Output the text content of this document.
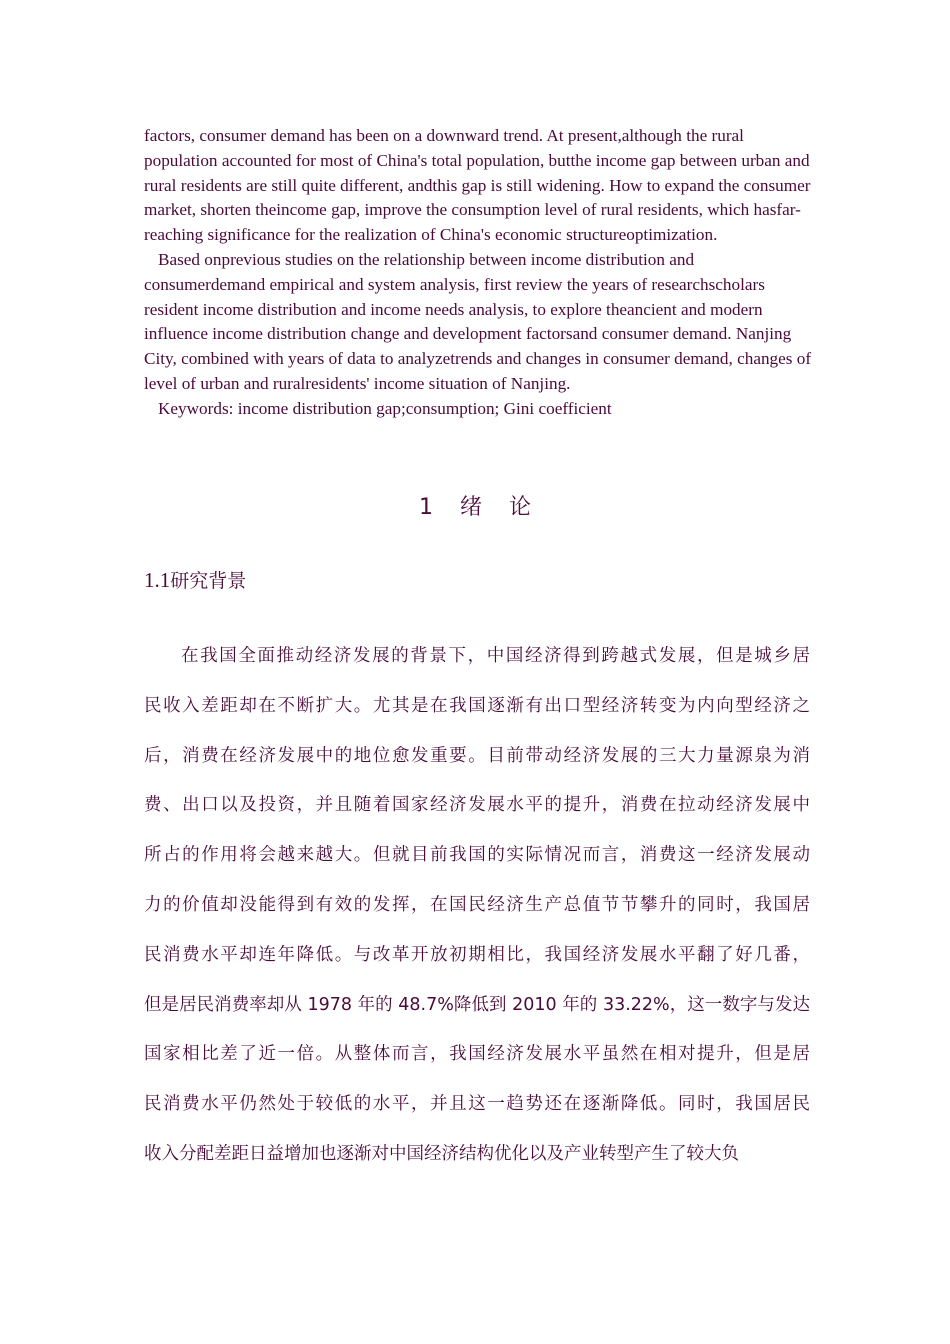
factors, consumer demand has been on a downward trend. At present,although the rural population accounted for most of China's total population, butthe income gap between urban and rural residents are still quite different, andthis gap is still widening. How to expand the consumer market, shorten theincome gap, improve the consumption level of rural residents, which hasfar-reaching significance for the realization of China's economic structureoptimization.

Based onprevious studies on the relationship between income distribution and consumerdemand empirical and system analysis, first review the years of researchscholars resident income distribution and income needs analysis, to explore theancient and modern influence income distribution change and development factorsand consumer demand. Nanjing City, combined with years of data to analyzetrends and changes in consumer demand, changes of level of urban and ruralresidents' income situation of Nanjing.

Keywords: income distribution gap;consumption; Gini coefficient

1 绪 论
1.1研究背景
在我国全面推动经济发展的背景下，中国经济得到跨越式发展，但是城乡居
民收入差距却在不断扩大。尤其是在我国逐渐有出口型经济转变为内向型经济之
后，消费在经济发展中的地位愈发重要。目前带动经济发展的三大力量源泉为消
费、出口以及投资，并且随着国家经济发展水平的提升，消费在拉动经济发展中
所占的作用将会越来越大。但就目前我国的实际情况而言，消费这一经济发展动
力的价值却没能得到有效的发挥，在国民经济生产总值节节攀升的同时，我国居
民消费水平却连年降低。与改革开放初期相比，我国经济发展水平翻了好几番，
但是居民消费率却从 1978 年的 48.7%降低到 2010 年的 33.22%，这一数字与发达
国家相比差了近一倍。从整体而言，我国经济发展水平虽然在相对提升，但是居
民消费水平仍然处于较低的水平，并且这一趋势还在逐渐降低。同时，我国居民
收入分配差距日益增加也逐渐对中国经济结构优化以及产业转型产生了较大负
